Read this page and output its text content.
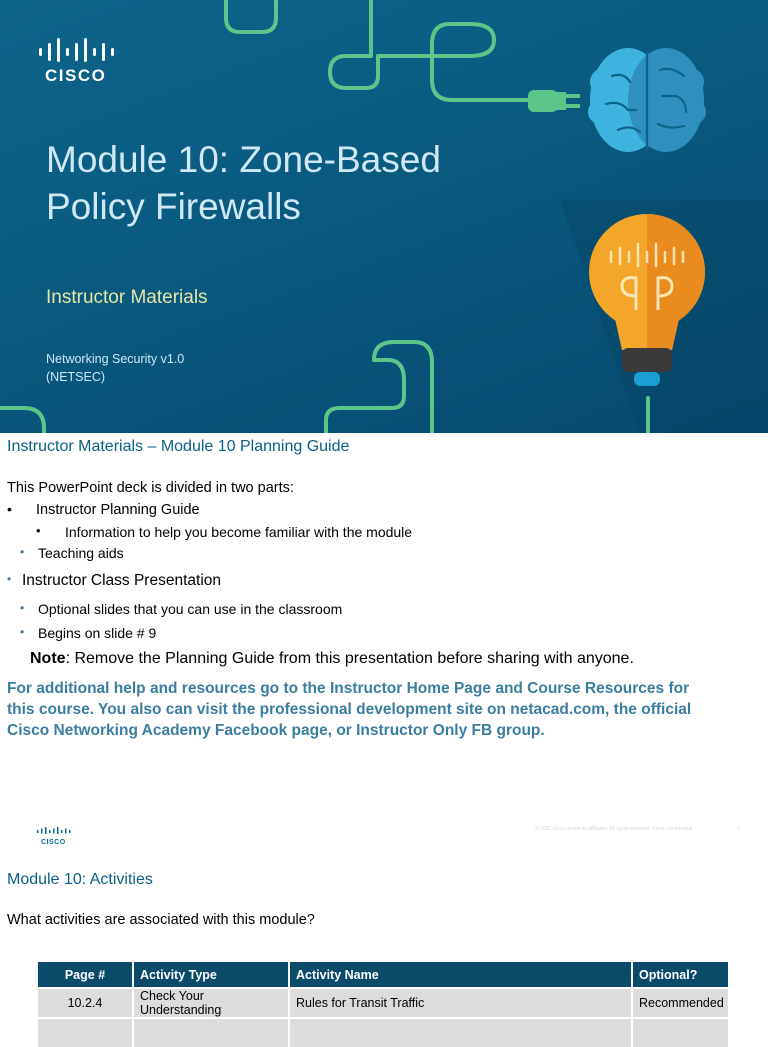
CISCO
Module 10: Zone-Based
Policy Firewalls
Instructor Materials
Networking Security v1.0
(NETSEC)
Instructor Materials – Module 10 Planning Guide
This PowerPoint deck is divided in two parts:
• Instructor Planning Guide
• Information to help you become familiar with the module
• Teaching aids
• Instructor Class Presentation
• Optional slides that you can use in the classroom
• Begins on slide # 9
Note: Remove the Planning Guide from this presentation before sharing with anyone.
For additional help and resources go to the Instructor Home Page and Course Resources for this course. You also can visit the professional development site on netacad.com, the official Cisco Networking Academy Facebook page, or Instructor Only FB group.
CISCO
© 2021 Cisco and/or its affiliates. All rights reserved. Cisco Confidential	2
Module 10: Activities
What activities are associated with this module?
Page #	Activity Type	Activity Name	Optional?
10.2.4	Check Your Understanding	Rules for Transit Traffic	Recommended
